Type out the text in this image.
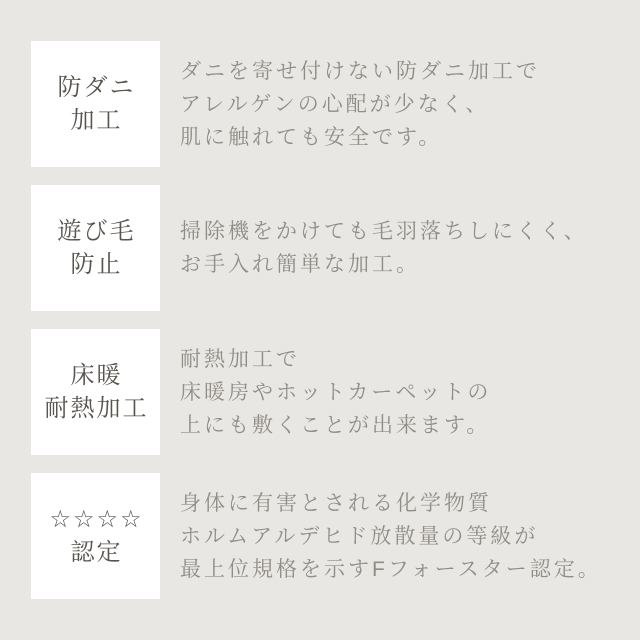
防ダニ
加工
ダニを寄せ付けない防ダニ加工で
アレルゲンの心配が少なく、
肌に触れても安全です。
遊び毛
防止
掃除機をかけても毛羽落ちしにくく、
お手入れ簡単な加工。
床暖
耐熱加工
耐熱加工で
床暖房やホットカーペットの
上にも敷くことが出来ます。
☆☆☆☆
認定
身体に有害とされる化学物質
ホルムアルデヒド放散量の等級が
最上位規格を示すFフォースター認定。
